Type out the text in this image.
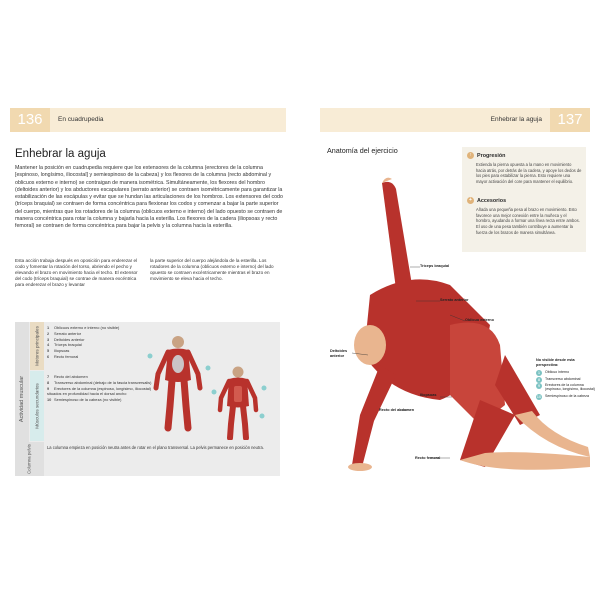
136	En cuadrupedia
Enhebrar la aguja

Mantener la posición en cuadrupedia requiere que los extensores de la columna (erectores de la columna [espinoso, longísimo, iliocostal] y semiespinoso de la cabeza) y los flexores de la columna (recto abdominal y oblicuos externo e interno) se contraigan de manera isométrica. Simultáneamente, los flexores del hombro (deltoides anterior) y los abductores escapulares (serrato anterior) se contraen isométricamente para garantizar la estabilización de las escápulas y evitar que se hundan las articulaciones de los hombros. Los extensores del codo (tríceps braquial) se contraen de forma concéntrica para flexionar los codos y comenzar a bajar la parte superior del cuerpo, mientras que los rotadores de la columna (oblicuos externo e interno) del lado opuesto se contraen de manera concéntrica para rotar la columna y bajarla hacia la esterilla. Los flexores de la cadera (iliopsoas y recto femoral) se contraen de forma concéntrica para bajar la pelvis y la columna hacia la esterilla.

Esta acción trabaja después en oposición para enderezar el codo y fomentar la rotación del torso, abriendo el pecho y elevando el brazo en movimiento hacia el techo. El extensor del codo (tríceps braquial) se contrae de manera excéntrica para enderezar el brazo y levantar

la parte superior del cuerpo alejándola de la esterilla. Los rotadores de la columna (oblicuos externo e interno) del lado opuesto se contraen excéntricamente mientras el brazo en movimiento se eleva hacia el techo.

Actividad muscular
Motores principales
Músculos secundarios
Columna pelvis
1 Oblicuos externo e interno (no visible)
2 Serrato anterior
3 Deltoides anterior
4 Tríceps braquial
5 Iliopsoas
6 Recto femoral
7 Recto del abdomen
8 Transverso abdominal (debajo de la fascia transversalis)
9 Erectores de la columna (espinoso, longísimo, iliocostal) situados en profundidad hacia el dorsal ancho
10 Semiespinoso de la cabeza (no visible)

La columna empieza en posición neutra antes de rotar en el plano transversal. La pelvis permanece en posición neutra.

Enhebrar la aguja	137
Anatomía del ejercicio	↑ Progresión

Extienda la pierna opuesta a la mano en movimiento hacia atrás, por detrás de la cadera, y apoye los dedos de los pies para estabilizar la pierna. Esto requiere una mayor activación del core para mantener el equilibrio.

+ Accesorios

Añada una pequeña pesa al brazo en movimiento. Esto favorece una mejor conexión entre la muñeca y el hombro, ayudando a formar una línea recta entre ambos. El uso de una pesa también contribuye a aumentar la fuerza de los brazos de manera simultánea.

Tríceps braquial
Serrato anterior
Oblicuo externo
Deltoides anterior
Iliopsoas
Recto del abdomen
Recto femoral

No visible desde esta perspectiva:

1	Oblicuo interno

8	Transverso abdominal

9	Erectores de la columna (espinoso, longísimo, iliocostal)

10 Semiespinoso de la cabeza
